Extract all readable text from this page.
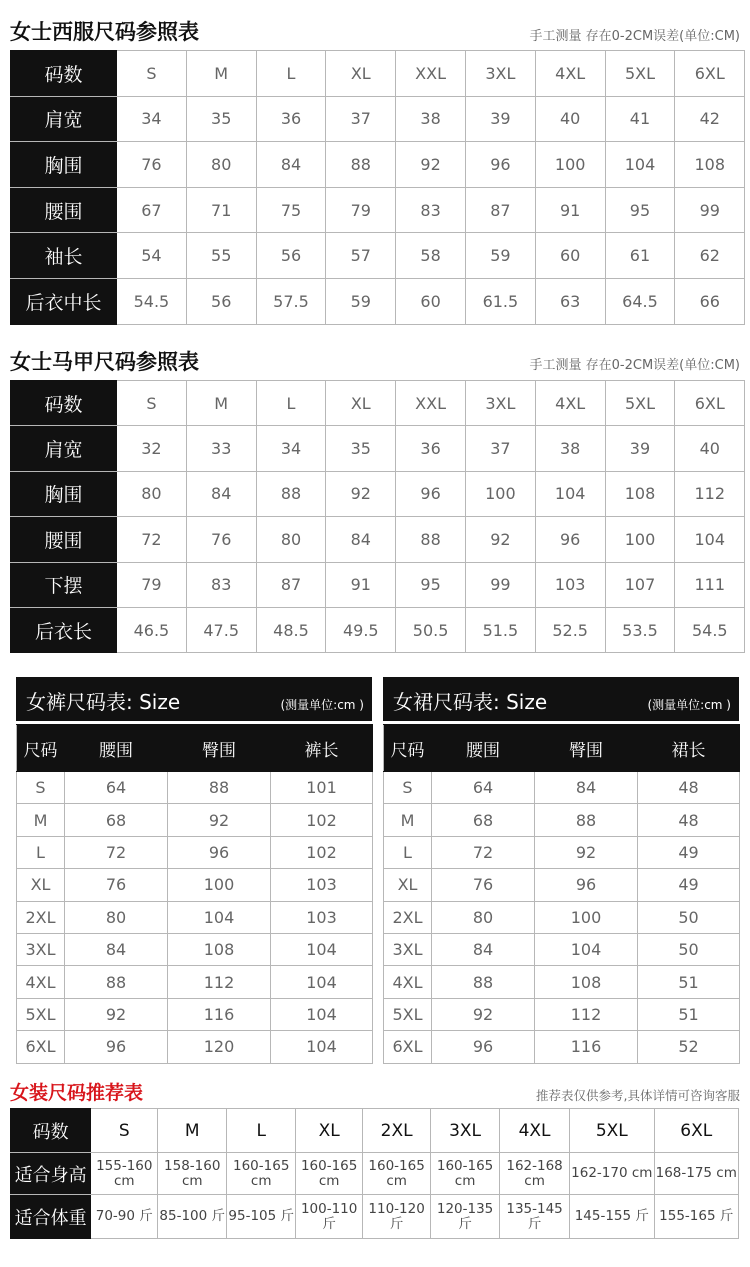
女士西服尺码参照表	手工测量 存在0-2CM误差(单位:CM)
码数	S	M	L	XL	XXL	3XL	4XL	5XL	6XL
肩宽	34	35	36	37	38	39	40	41	42
胸围	76	80	84	88	92	96	100	104	108
腰围	67	71	75	79	83	87	91	95	99
袖长	54	55	56	57	58	59	60	61	62
后衣中长	54.5	56	57.5	59	60	61.5	63	64.5	66
女士马甲尺码参照表	手工测量 存在0-2CM误差(单位:CM)
码数	S	M	L	XL	XXL	3XL	4XL	5XL	6XL
肩宽	32	33	34	35	36	37	38	39	40
胸围	80	84	88	92	96	100	104	108	112
腰围	72	76	80	84	88	92	96	100	104
下摆	79	83	87	91	95	99	103	107	111
后衣长	46.5	47.5	48.5	49.5	50.5	51.5	52.5	53.5	54.5
女裤尺码表: Size	(测量单位:cm )
尺码	腰围	臀围	裤长
S	64	88	101
M	68	92	102
L	72	96	102
XL	76	100	103
2XL	80	104	103
3XL	84	108	104
4XL	88	112	104
5XL	92	116	104
6XL	96	120	104
女裙尺码表: Size	(测量单位:cm )
尺码	腰围	臀围	裙长
S	64	84	48
M	68	88	48
L	72	92	49
XL	76	96	49
2XL	80	100	50
3XL	84	104	50
4XL	88	108	51
5XL	92	112	51
6XL	96	116	52
女装尺码推荐表	推荐表仅供参考,具体详情可咨询客服
码数	S	M	L	XL	2XL	3XL	4XL	5XL	6XL
适合身高	155-160 cm	158-160 cm	160-165 cm	160-165 cm	160-165 cm	160-165 cm	162-168 cm	162-170 cm	168-175 cm
适合体重	70-90 斤	85-100 斤	95-105 斤	100-110 斤	110-120 斤	120-135 斤	135-145 斤	145-155 斤	155-165 斤
